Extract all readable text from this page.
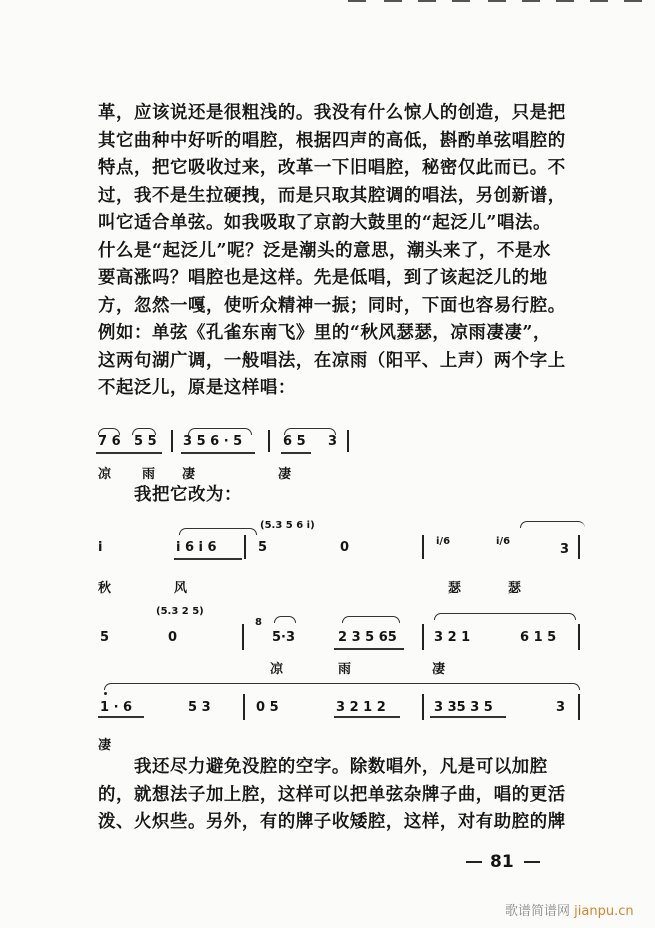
革，应该说还是很粗浅的。我没有什么惊人的创造，只是把
其它曲种中好听的唱腔，根据四声的高低，斟酌单弦唱腔的
特点，把它吸收过来，改革一下旧唱腔，秘密仅此而已。不
过，我不是生拉硬拽，而是只取其腔调的唱法，另创新谱，
叫它适合单弦。如我吸取了京韵大鼓里的“起泛儿”唱法。
什么是“起泛儿”呢？泛是潮头的意思，潮头来了，不是水
要高涨吗？唱腔也是这样。先是低唱，到了该起泛儿的地
方，忽然一嘎，使听众精神一振；同时，下面也容易行腔。
例如：单弦《孔雀东南飞》里的“秋风瑟瑟，凉雨凄凄”，
这两句湖广调，一般唱法，在凉雨（阳平、上声）两个字上
不起泛儿，原是这样唱：
7 6 5 5 3 5 6 · 5	6 5 3
凉 雨 凄	凄
我把它改为：
(5.3 5 6 i)
i	i 6 i 6	5	0	i/6	i/6
3
秋	风	瑟	瑟
(5.3 2 5)
5	0
8
5·3	2 3 5 65	3 2 1	6 1 5
凉	雨	凄
1 · 6	5 3	0 5	3 2 1 2	3 35 3 5	3
凄
我还尽力避免没腔的空字。除数唱外，凡是可以加腔
的，就想法子加上腔，这样可以把单弦杂牌子曲，唱的更活
泼、火炽些。另外，有的牌子收矮腔，这样，对有助腔的牌
81
歌谱简谱网 jianpu.cn
